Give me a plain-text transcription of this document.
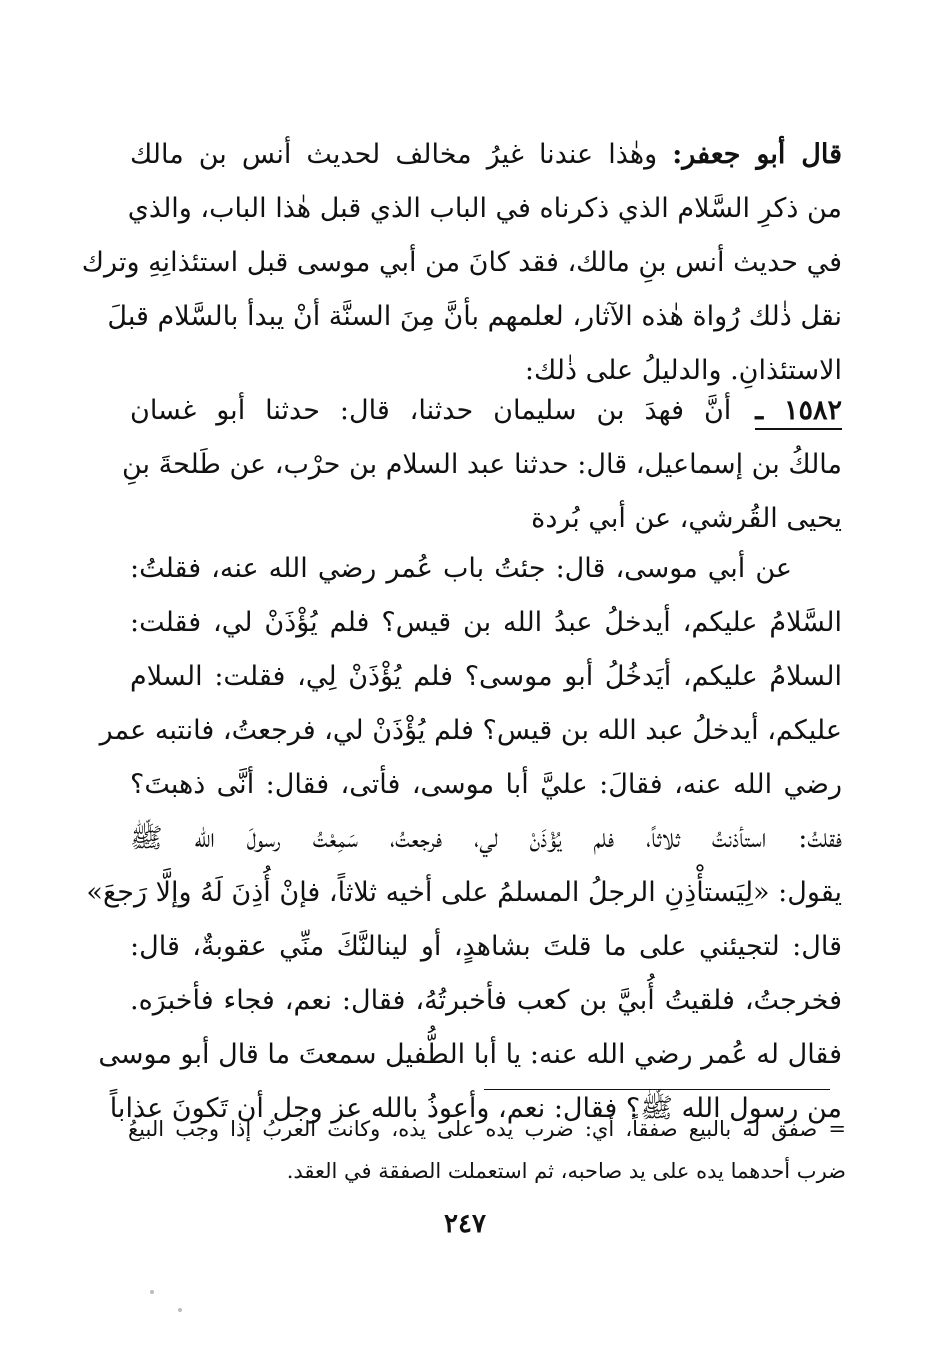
قال أبو جعفر: وهٰذا عندنا غيرُ مخالف لحديث أنس بن مالك
من ذكرِ السَّلام الذي ذكرناه في الباب الذي قبل هٰذا الباب، والذي
في حديث أنس بنِ مالك، فقد كانَ من أبي موسى قبل استئذانِهِ وترك
نقل ذٰلك رُواة هٰذه الآثار، لعلمهم بأنَّ مِنَ السنَّة أنْ يبدأ بالسَّلام قبلَ
الاستئذانِ. والدليلُ على ذٰلك:
١٥٨٢ ـ أنَّ فهدَ بن سليمان حدثنا، قال: حدثنا أبو غسان
مالكُ بن إسماعيل، قال: حدثنا عبد السلام بن حرْب، عن طَلحةَ بنِ
يحيى القُرشي، عن أبي بُردة
عن أبي موسى، قال: جئتُ باب عُمر رضي الله عنه، فقلتُ:
السَّلامُ عليكم، أيدخلُ عبدُ الله بن قيس؟ فلم يُؤْذَنْ لي، فقلت:
السلامُ عليكم، أيَدخُلُ أبو موسى؟ فلم يُؤْذَنْ لِي، فقلت: السلام
عليكم، أيدخلُ عبد الله بن قيس؟ فلم يُؤْذَنْ لي، فرجعتُ، فانتبه عمر
رضي الله عنه، فقالَ: عليَّ أبا موسى، فأتى، فقال: أنَّى ذهبتَ؟
فقلتُ: استأذنتُ ثلاثاً، فلم يُؤْذَنْ لي، فرجعتُ، سَمِعْتُ رسولَ الله ﷺ
يقول: «لِيَستأْذِنِ الرجلُ المسلمُ على أخيه ثلاثاً، فإنْ أُذِنَ لَهُ وإلَّا رَجعَ»
قال: لتجيئني على ما قلتَ بشاهدٍ، أو لينالنَّكَ منِّي عقوبةٌ، قال:
فخرجتُ، فلقيتُ أُبيَّ بن كعب فأخبرتُهُ، فقال: نعم، فجاء فأخبرَه.
فقال له عُمر رضي الله عنه: يا أبا الطُّفيل سمعتَ ما قال أبو موسى
من رسول الله ﷺ؟ فقال: نعم، وأعوذُ بالله عز وجل أن تَكونَ عذاباً
= صفق له بالبيع صفقاً، أي: ضرب يده على يده، وكانت العربُ إذا وجب البيعُ
ضرب أحدهما يده على يد صاحبه، ثم استعملت الصفقة في العقد.
٢٤٧
